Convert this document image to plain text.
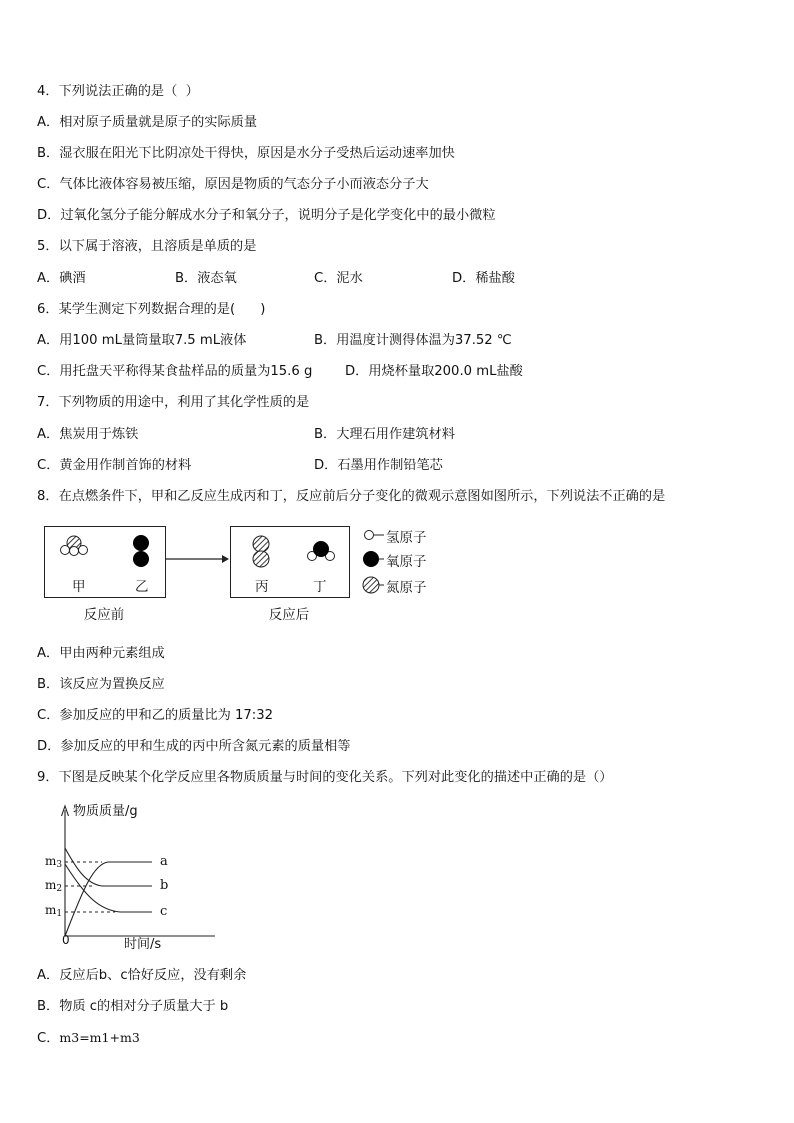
4．下列说法正确的是（  ）
A．相对原子质量就是原子的实际质量
B．湿衣服在阳光下比阴凉处干得快，原因是水分子受热后运动速率加快
C．气体比液体容易被压缩，原因是物质的气态分子小而液态分子大
D．过氧化氢分子能分解成水分子和氧分子，说明分子是化学变化中的最小微粒
5．以下属于溶液，且溶质是单质的是
A．碘酒	B．液态氧	C．泥水	D．稀盐酸
6．某学生测定下列数据合理的是(      )
A．用100 mL量筒量取7.5 mL液体	B．用温度计测得体温为37.52 ℃
C．用托盘天平称得某食盐样品的质量为15.6 g D．用烧杯量取200.0 mL盐酸
7．下列物质的用途中，利用了其化学性质的是
A．焦炭用于炼铁	B．大理石用作建筑材料
C．黄金用作制首饰的材料	D．石墨用作制铅笔芯
8．在点燃条件下，甲和乙反应生成丙和丁，反应前后分子变化的微观示意图如图所示，下列说法不正确的是
甲	乙	丙	丁
反应前	反应后
氢原子
氧原子
氮原子
A．甲由两种元素组成
B．该反应为置换反应
C．参加反应的甲和乙的质量比为 17:32
D．参加反应的甲和生成的丙中所含氮元素的质量相等
9．下图是反映某个化学反应里各物质质量与时间的变化关系。下列对此变化的描述中正确的是（）
物质质量/g
$m_3$
$m_2$
$m_1$
a
b
c
0	时间/s
A．反应后b、c恰好反应，没有剩余
B．物质 c的相对分子质量大于 b
C．m3=m1+m3
